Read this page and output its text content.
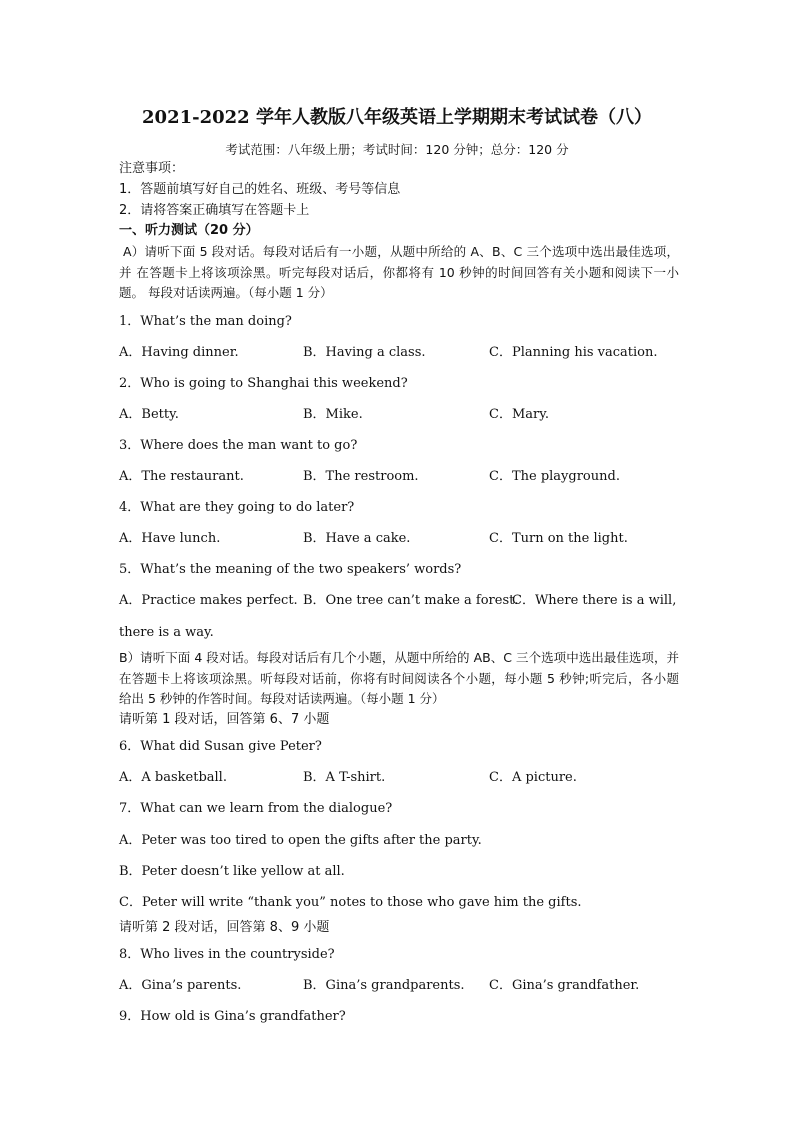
2021-2022 学年人教版八年级英语上学期期末考试试卷（八）
考试范围：八年级上册；考试时间：120 分钟；总分：120 分
注意事项：
1．答题前填写好自己的姓名、班级、考号等信息
2．请将答案正确填写在答题卡上
一、听力测试（20 分）
A）请听下面 5 段对话。每段对话后有一小题，从题中所给的 A、B、C 三个选项中选出最佳选项，并 在答题卡上将该项涂黑。听完每段对话后，你都将有 10 秒钟的时间回答有关小题和阅读下一小题。 每段对话读两遍。（每小题 1 分）
1．What’s the man doing?
A．Having dinner.	B．Having a class.	C．Planning his vacation.
2．Who is going to Shanghai this weekend?
A．Betty.	B．Mike.	C．Mary.
3．Where does the man want to go?
A．The restaurant.	B．The restroom.	C．The playground.
4．What are they going to do later?
A．Have lunch.	B．Have a cake.	C．Turn on the light.
5．What’s the meaning of the two speakers’ words?
A．Practice makes perfect. B．One tree can’t make a forest.
C．Where there is a will,
there is a way.
B）请听下面 4 段对话。每段对话后有几个小题，从题中所给的 AB、C 三个选项中选出最佳选项，并 在答题卡上将该项涂黑。听每段对话前，你将有时间阅读各个小题，每小题 5 秒钟;听完后，各小题 给出 5 秒钟的作答时间。每段对话读两遍。（每小题 1 分）
请听第 1 段对话，回答第 6、7 小题
6．What did Susan give Peter?
A．A basketball.	B．A T-shirt.	C．A picture.
7．What can we learn from the dialogue?
A．Peter was too tired to open the gifts after the party.
B．Peter doesn’t like yellow at all.
C．Peter will write “thank you” notes to those who gave him the gifts.
请听第 2 段对话，回答第 8、9 小题
8．Who lives in the countryside?
A．Gina’s parents.	B．Gina’s grandparents. C．Gina’s grandfather.
9．How old is Gina’s grandfather?
